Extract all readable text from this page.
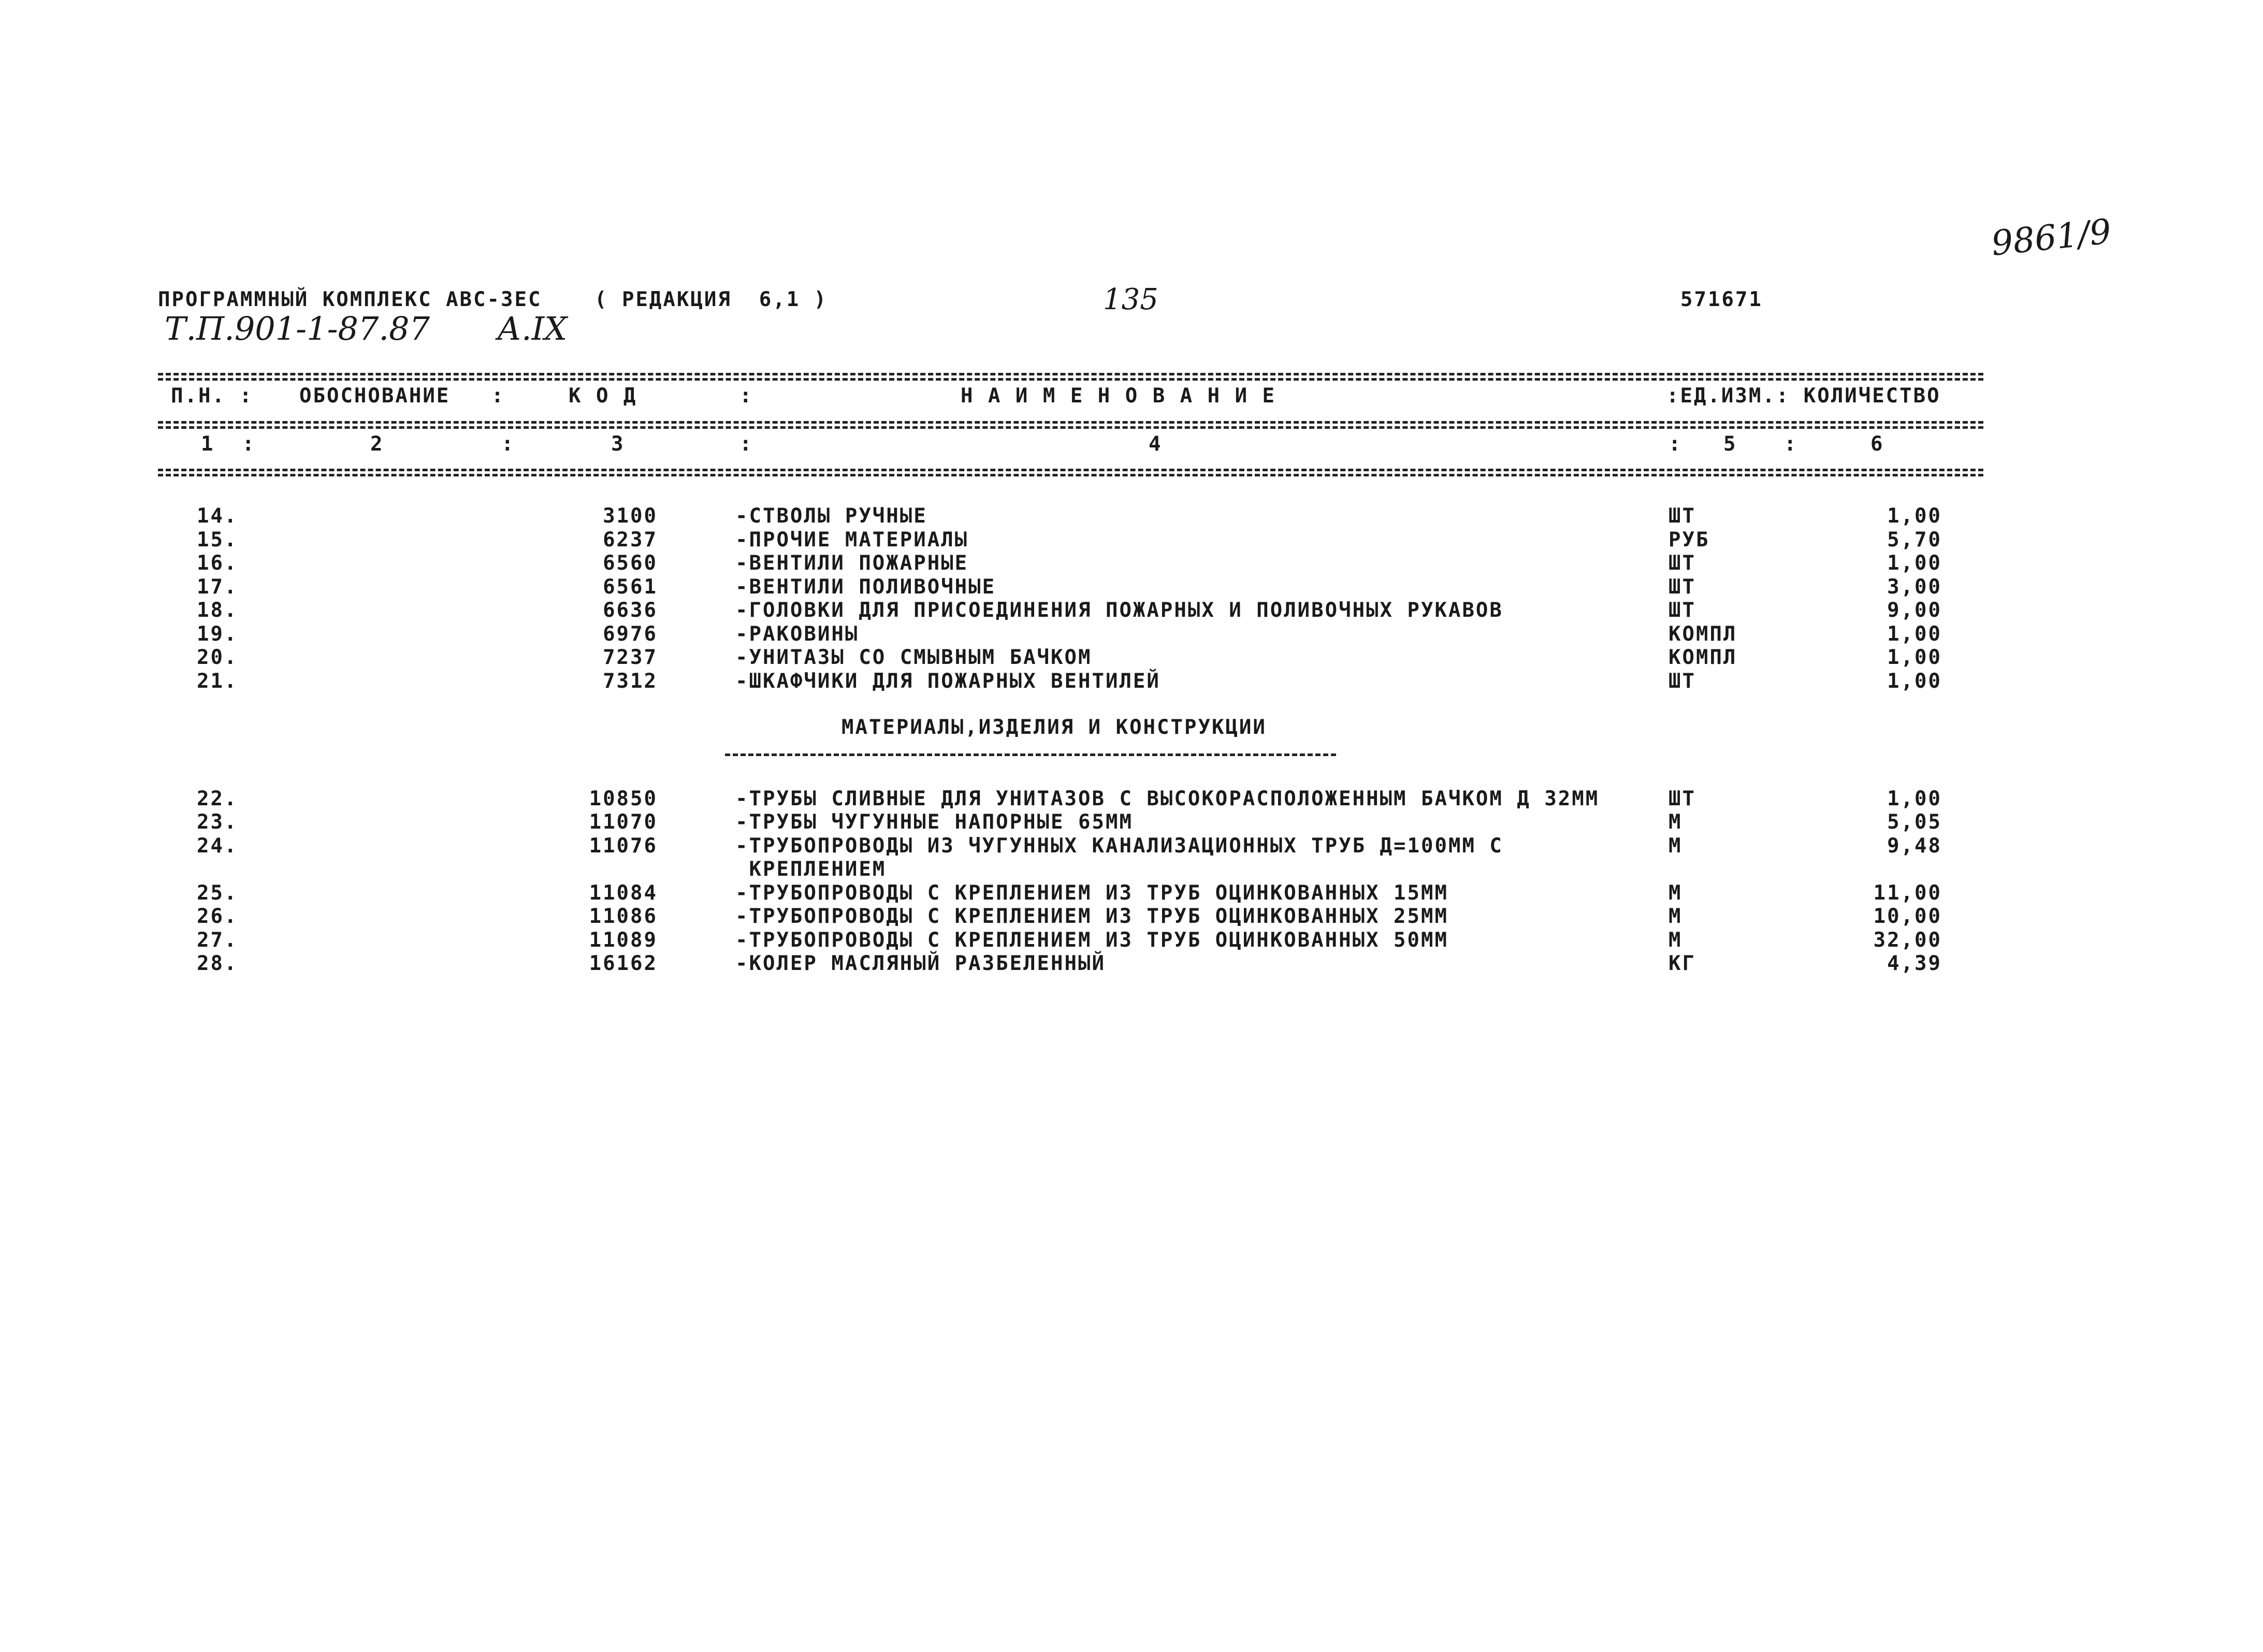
9861/9
ПРОГРАММНЫЙ КОМПЛЕКС АВС-3ЕС	( РЕДАКЦИЯ  6,1 )	135	571671
Т.П.901-1-87.87 А.IX
П.Н. : ОБОСНОВАНИЕ   :	К О Д	:	Н А И М Е Н О В А Н И Е	:ЕД.ИЗМ.: КОЛИЧЕСТВО
1  :	2	:	3	:	4	: 5 :	6
14.	3100	-СТВОЛЫ РУЧНЫЕ	ШТ	1,00
15.	6237	-ПРОЧИЕ МАТЕРИАЛЫ	РУБ	5,70
16.	6560	-ВЕНТИЛИ ПОЖАРНЫЕ	ШТ	1,00
17.	6561	-ВЕНТИЛИ ПОЛИВОЧНЫЕ	ШТ	3,00
18.	6636	-ГОЛОВКИ ДЛЯ ПРИСОЕДИНЕНИЯ ПОЖАРНЫХ И ПОЛИВОЧНЫХ РУКАВОВ	ШТ	9,00
19.	6976	-РАКОВИНЫ	КОМПЛ	1,00
20.	7237	-УНИТАЗЫ СО СМЫВНЫМ БАЧКОМ	КОМПЛ	1,00
21.	7312	-ШКАФЧИКИ ДЛЯ ПОЖАРНЫХ ВЕНТИЛЕЙ	ШТ	1,00
МАТЕРИАЛЫ,ИЗДЕЛИЯ И КОНСТРУКЦИИ
22.	10850	-ТРУБЫ СЛИВНЫЕ ДЛЯ УНИТАЗОВ С ВЫСОКОРАСПОЛОЖЕННЫМ БАЧКОМ Д 32ММ	ШТ	1,00
23.	11070	-ТРУБЫ ЧУГУННЫЕ НАПОРНЫЕ 65ММ	М	5,05
24.	11076	-ТРУБОПРОВОДЫ ИЗ ЧУГУННЫХ КАНАЛИЗАЦИОННЫХ ТРУБ Д=100ММ С	М	9,48
КРЕПЛЕНИЕМ
25.	11084	-ТРУБОПРОВОДЫ С КРЕПЛЕНИЕМ ИЗ ТРУБ ОЦИНКОВАННЫХ 15ММ	М	11,00
26.	11086	-ТРУБОПРОВОДЫ С КРЕПЛЕНИЕМ ИЗ ТРУБ ОЦИНКОВАННЫХ 25ММ	М	10,00
27.	11089	-ТРУБОПРОВОДЫ С КРЕПЛЕНИЕМ ИЗ ТРУБ ОЦИНКОВАННЫХ 50ММ	М	32,00
28.	16162	-КОЛЕР МАСЛЯНЫЙ РАЗБЕЛЕННЫЙ	КГ	4,39
